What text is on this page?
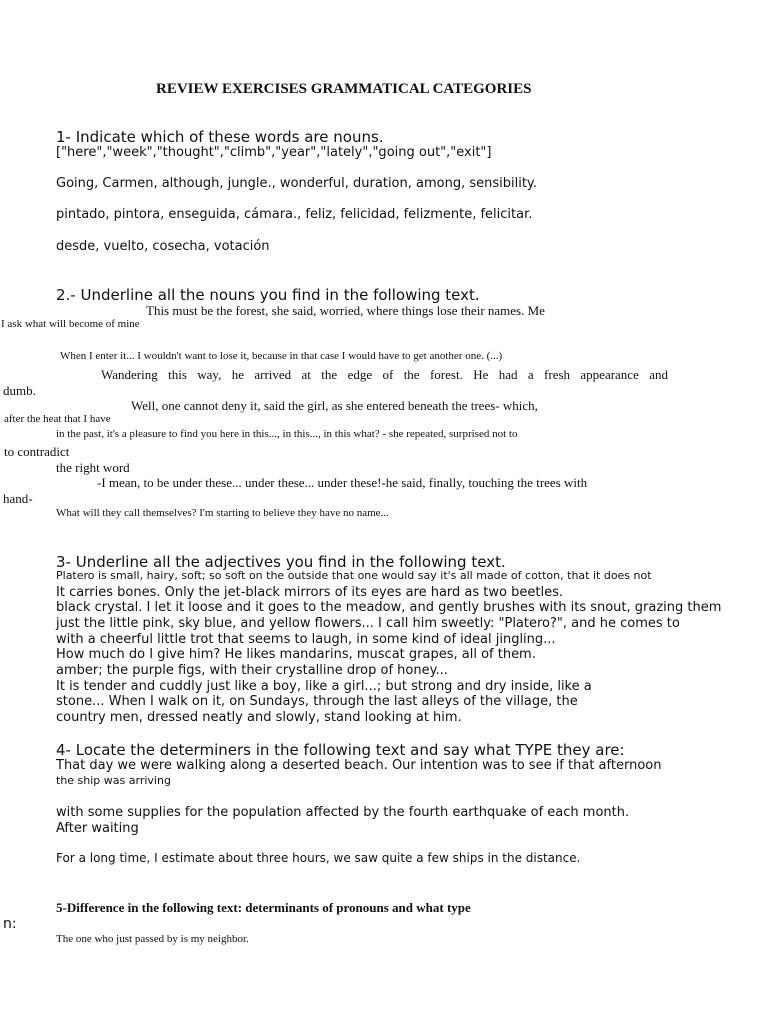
REVIEW EXERCISES GRAMMATICAL CATEGORIES
1- Indicate which of these words are nouns.
["here","week","thought","climb","year","lately","going out","exit"]
Going, Carmen, although, jungle., wonderful, duration, among, sensibility.
pintado, pintora, enseguida, cámara., feliz, felicidad, felizmente, felicitar.
desde, vuelto, cosecha, votación
2.- Underline all the nouns you find in the following text.
This must be the forest, she said, worried, where things lose their names. Me
I ask what will become of mine
When I enter it... I wouldn't want to lose it, because in that case I would have to get another one. (...)
Wandering this way, he arrived at the edge of the forest. He had a fresh appearance and
dumb.
Well, one cannot deny it, said the girl, as she entered beneath the trees- which,
after the heat that I have
in the past, it's a pleasure to find you here in this..., in this..., in this what? - she repeated, surprised not to
to contradict
the right word
-I mean, to be under these... under these... under these!-he said, finally, touching the trees with
hand-
What will they call themselves? I'm starting to believe they have no name...
3- Underline all the adjectives you find in the following text.
Platero is small, hairy, soft; so soft on the outside that one would say it's all made of cotton, that it does not
It carries bones. Only the jet-black mirrors of its eyes are hard as two beetles.
black crystal. I let it loose and it goes to the meadow, and gently brushes with its snout, grazing them
just the little pink, sky blue, and yellow flowers... I call him sweetly: "Platero?", and he comes to
with a cheerful little trot that seems to laugh, in some kind of ideal jingling...
How much do I give him? He likes mandarins, muscat grapes, all of them.
amber; the purple figs, with their crystalline drop of honey...
It is tender and cuddly just like a boy, like a girl...; but strong and dry inside, like a
stone... When I walk on it, on Sundays, through the last alleys of the village, the
country men, dressed neatly and slowly, stand looking at him.
4- Locate the determiners in the following text and say what TYPE they are:
That day we were walking along a deserted beach. Our intention was to see if that afternoon
the ship was arriving
with some supplies for the population affected by the fourth earthquake of each month.
After waiting
For a long time, I estimate about three hours, we saw quite a few ships in the distance.
5-Difference in the following text: determinants of pronouns and what type
n:
The one who just passed by is my neighbor.
